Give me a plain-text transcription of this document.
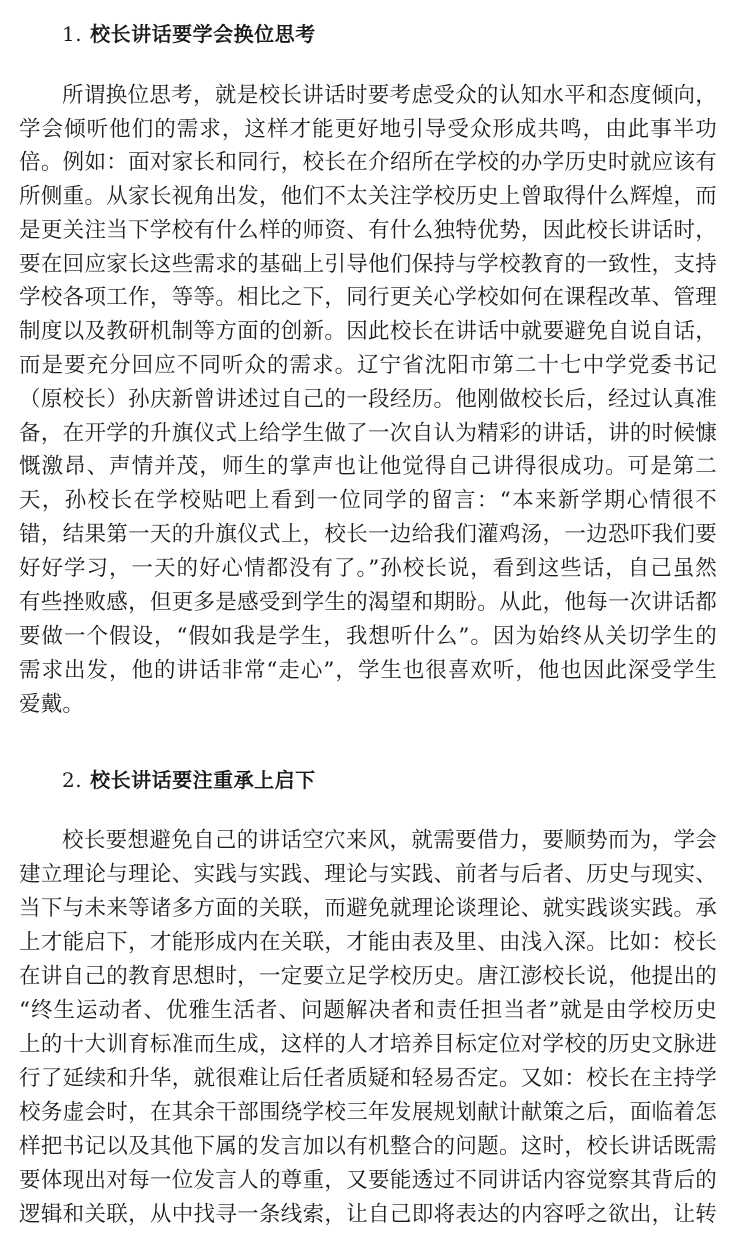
1. 校长讲话要学会换位思考
所谓换位思考，就是校长讲话时要考虑受众的认知水平和态度倾向，
学会倾听他们的需求，这样才能更好地引导受众形成共鸣，由此事半功
倍。例如：面对家长和同行，校长在介绍所在学校的办学历史时就应该有
所侧重。从家长视角出发，他们不太关注学校历史上曾取得什么辉煌，而
是更关注当下学校有什么样的师资、有什么独特优势，因此校长讲话时，
要在回应家长这些需求的基础上引导他们保持与学校教育的一致性，支持
学校各项工作，等等。相比之下，同行更关心学校如何在课程改革、管理
制度以及教研机制等方面的创新。因此校长在讲话中就要避免自说自话，
而是要充分回应不同听众的需求。辽宁省沈阳市第二十七中学党委书记
（原校长）孙庆新曾讲述过自己的一段经历。他刚做校长后，经过认真准
备，在开学的升旗仪式上给学生做了一次自认为精彩的讲话，讲的时候慷
慨激昂、声情并茂，师生的掌声也让他觉得自己讲得很成功。可是第二
天，孙校长在学校贴吧上看到一位同学的留言：“本来新学期心情很不
错，结果第一天的升旗仪式上，校长一边给我们灌鸡汤，一边恐吓我们要
好好学习，一天的好心情都没有了。”孙校长说，看到这些话，自己虽然
有些挫败感，但更多是感受到学生的渴望和期盼。从此，他每一次讲话都
要做一个假设，“假如我是学生，我想听什么”。因为始终从关切学生的
需求出发，他的讲话非常“走心”，学生也很喜欢听，他也因此深受学生
爱戴。
2. 校长讲话要注重承上启下
校长要想避免自己的讲话空穴来风，就需要借力，要顺势而为，学会
建立理论与理论、实践与实践、理论与实践、前者与后者、历史与现实、
当下与未来等诸多方面的关联，而避免就理论谈理论、就实践谈实践。承
上才能启下，才能形成内在关联，才能由表及里、由浅入深。比如：校长
在讲自己的教育思想时，一定要立足学校历史。唐江澎校长说，他提出的
“终生运动者、优雅生活者、问题解决者和责任担当者”就是由学校历史
上的十大训育标准而生成，这样的人才培养目标定位对学校的历史文脉进
行了延续和升华，就很难让后任者质疑和轻易否定。又如：校长在主持学
校务虚会时，在其余干部围绕学校三年发展规划献计献策之后，面临着怎
样把书记以及其他下属的发言加以有机整合的问题。这时，校长讲话既需
要体现出对每一位发言人的尊重，又要能透过不同讲话内容觉察其背后的
逻辑和关联，从中找寻一条线索，让自己即将表达的内容呼之欲出，让转
